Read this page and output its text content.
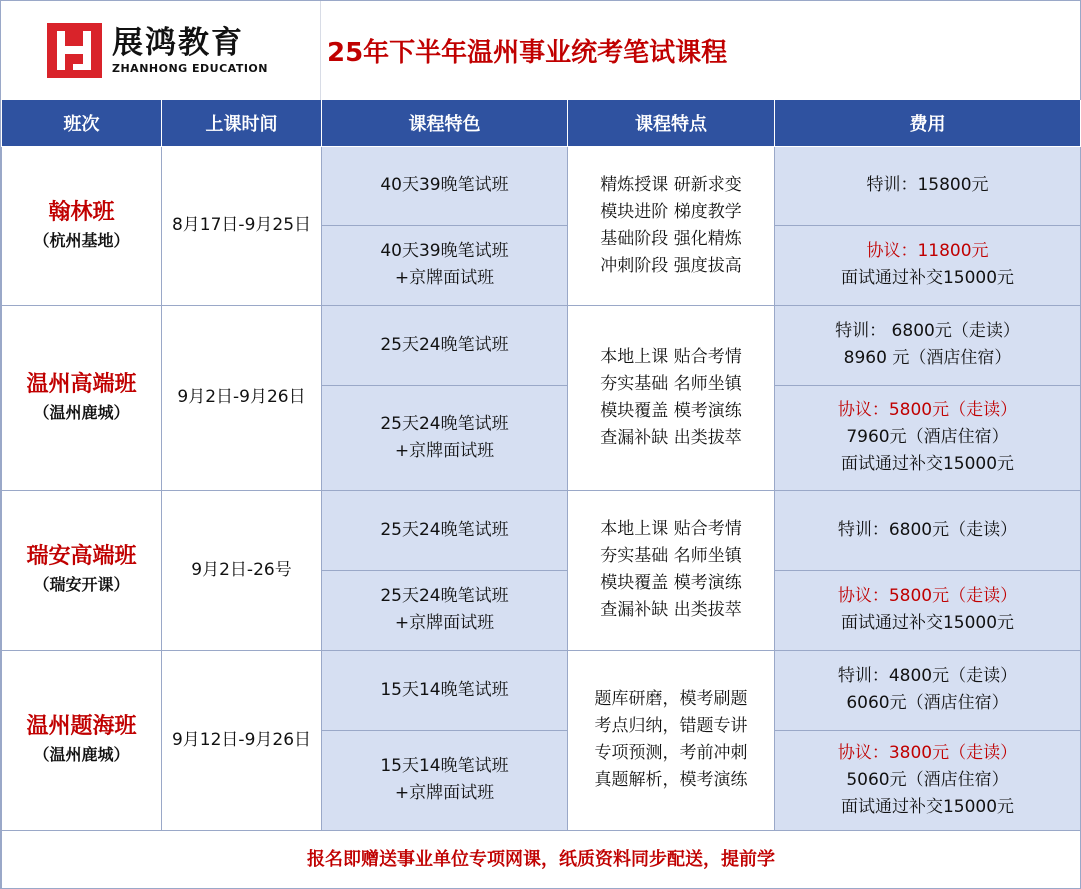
展鸿教育
ZHANHONG EDUCATION 25年下半年温州事业统考笔试课程
班次	上课时间	课程特色	课程特点	费用

翰林班
（杭州基地）	8月17日-9月25日	40天39晚笔试班	精炼授课 研新求变
模块进阶 梯度教学
基础阶段 强化精炼
冲刺阶段 强度拔高	特训：15800元

		40天39晚笔试班
+京牌面试班		协议：11800元
面试通过补交15000元

温州高端班
（温州鹿城）	9月2日-9月26日	25天24晚笔试班	本地上课 贴合考情
夯实基础 名师坐镇
模块覆盖 模考演练
查漏补缺 出类拔萃	特训： 6800元（走读）
8960 元（酒店住宿）

		25天24晚笔试班
+京牌面试班		协议：5800元（走读）
7960元（酒店住宿）
面试通过补交15000元

瑞安高端班
（瑞安开课）	9月2日-26号	25天24晚笔试班	本地上课 贴合考情
夯实基础 名师坐镇
模块覆盖 模考演练
查漏补缺 出类拔萃	特训：6800元（走读）

		25天24晚笔试班
+京牌面试班		协议：5800元（走读）
面试通过补交15000元

温州题海班
（温州鹿城）	9月12日-9月26日	15天14晚笔试班	题库研磨，模考刷题
考点归纳，错题专讲
专项预测，考前冲刺
真题解析，模考演练	特训：4800元（走读）
6060元（酒店住宿）

		15天14晚笔试班
+京牌面试班		协议：3800元（走读）
5060元（酒店住宿）
面试通过补交15000元

报名即赠送事业单位专项网课，纸质资料同步配送，提前学				
